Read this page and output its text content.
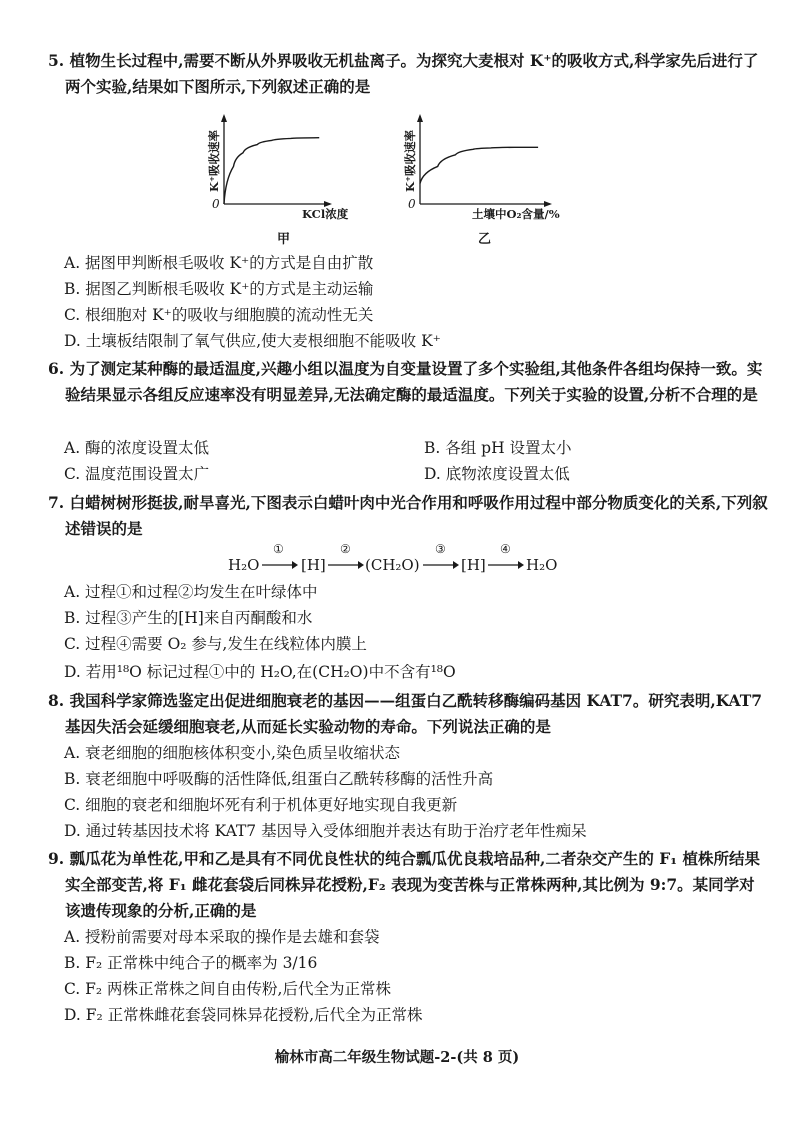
5. 植物生长过程中,需要不断从外界吸收无机盐离子。为探究大麦根对 K⁺的吸收方式,科学家先后进行了两个实验,结果如下图所示,下列叙述正确的是

0
KCl浓度
K⁺吸收速率
0
土壤中O₂含量/%
K⁺吸收速率
甲	乙

A. 据图甲判断根毛吸收 K⁺的方式是自由扩散

B. 据图乙判断根毛吸收 K⁺的方式是主动运输

C. 根细胞对 K⁺的吸收与细胞膜的流动性无关

D. 土壤板结限制了氧气供应,使大麦根细胞不能吸收 K⁺

6. 为了测定某种酶的最适温度,兴趣小组以温度为自变量设置了多个实验组,其他条件各组均保持一致。实验结果显示各组反应速率没有明显差异,无法确定酶的最适温度。下列关于实验的设置,分析不合理的是

A. 酶的浓度设置太低	B. 各组 pH 设置太小

C. 温度范围设置太广	D. 底物浓度设置太低

7. 白蜡树树形挺拔,耐旱喜光,下图表示白蜡叶肉中光合作用和呼吸作用过程中部分物质变化的关系,下列叙述错误的是

H₂O
①
[H]
②
(CH₂O)
③
[H]
④
H₂O

A. 过程①和过程②均发生在叶绿体中

B. 过程③产生的[H]来自丙酮酸和水

C. 过程④需要 O₂ 参与,发生在线粒体内膜上

D. 若用¹⁸O 标记过程①中的 H₂O,在(CH₂O)中不含有¹⁸O

8. 我国科学家筛选鉴定出促进细胞衰老的基因——组蛋白乙酰转移酶编码基因 KAT7。研究表明,KAT7 基因失活会延缓细胞衰老,从而延长实验动物的寿命。下列说法正确的是

A. 衰老细胞的细胞核体积变小,染色质呈收缩状态

B. 衰老细胞中呼吸酶的活性降低,组蛋白乙酰转移酶的活性升高

C. 细胞的衰老和细胞坏死有利于机体更好地实现自我更新

D. 通过转基因技术将 KAT7 基因导入受体细胞并表达有助于治疗老年性痴呆

9. 瓢瓜花为单性花,甲和乙是具有不同优良性状的纯合瓢瓜优良栽培品种,二者杂交产生的 F₁ 植株所结果实全部变苦,将 F₁ 雌花套袋后同株异花授粉,F₂ 表现为变苦株与正常株两种,其比例为 9:7。某同学对该遗传现象的分析,正确的是

A. 授粉前需要对母本采取的操作是去雄和套袋

B. F₂ 正常株中纯合子的概率为 3/16

C. F₂ 两株正常株之间自由传粉,后代全为正常株

D. F₂ 正常株雌花套袋同株异花授粉,后代全为正常株

榆林市高二年级生物试题-2-(共 8 页)
